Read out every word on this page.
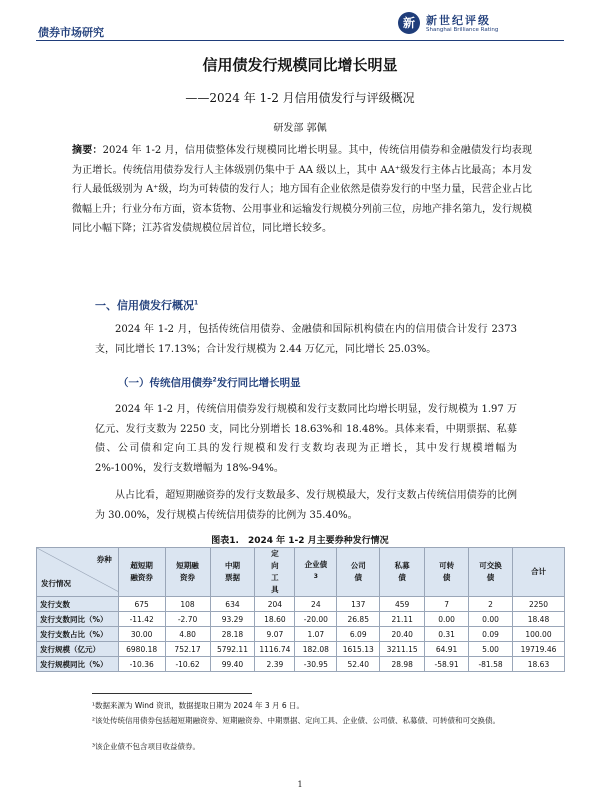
债券市场研究
新	新世纪评级
Shanghai Brilliance Rating
信用债发行规模同比增长明显
——2024 年 1-2 月信用债发行与评级概况
研发部 郭佩
摘要：2024 年 1-2 月，信用债整体发行规模同比增长明显。其中，传统信用债券和金融债发行均表现为正增长。传统信用债券发行人主体级别仍集中于 AA 级以上，其中 AA⁺级发行主体占比最高；本月发行人最低级别为 A⁺级，均为可转债的发行人；地方国有企业依然是债券发行的中坚力量，民营企业占比微幅上升；行业分布方面，资本货物、公用事业和运输发行规模分列前三位，房地产排名第九，发行规模同比小幅下降；江苏省发债规模位居首位，同比增长较多。
一、信用债发行概况$^1$
2024 年 1-2 月，包括传统信用债券、金融债和国际机构债在内的信用债合计发行 2373 支，同比增长 17.13%；合计发行规模为 2.44 万亿元，同比增长 25.03%。
（一）传统信用债券$^2$发行同比增长明显
2024 年 1-2 月，传统信用债券发行规模和发行支数同比均增长明显，发行规模为 1.97 万亿元、发行支数为 2250 支，同比分别增长 18.63%和 18.48%。具体来看，中期票据、私募债、公司债和定向工具的发行规模和发行支数均表现为正增长，其中发行规模增幅为 2%-100%，发行支数增幅为 18%-94%。
从占比看，超短期融资券的发行支数最多、发行规模最大，发行支数占传统信用债券的比例为 30.00%，发行规模占传统信用债券的比例为 35.40%。
图表1.　2024 年 1-2 月主要券种发行情况
券种
发行情况	超短期融资券	短期融资券	中期票据	定向工具	企业债$^3$	公司债	私募债	可转债	可交换债	合计
发行支数	675	108	634	204	24	137	459	7	2	2250
发行支数同比（%）	-11.42	-2.70	93.29	18.60	-20.00	26.85	21.11	0.00	0.00	18.48
发行支数占比（%）	30.00	4.80	28.18	9.07	1.07	6.09	20.40	0.31	0.09	100.00
发行规模（亿元）	6980.18	752.17	5792.11	1116.74	182.08	1615.13	3211.15	64.91	5.00	19719.46
发行规模同比（%）	-10.36	-10.62	99.40	2.39	-30.95	52.40	28.98	-58.91	-81.58	18.63
¹数据来源为 Wind 资讯，数据提取日期为 2024 年 3 月 6 日。
²该处传统信用债券包括超短期融资券、短期融资券、中期票据、定向工具、企业债、公司债、私募债、可转债和可交换债。
³该企业债不包含项目收益债券。
1
